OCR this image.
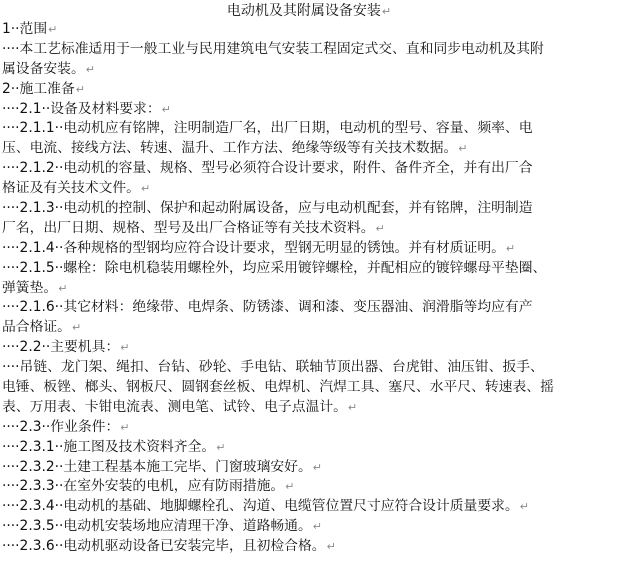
电动机及其附属设备安装↵
1··范围↵
····本工艺标准适用于一般工业与民用建筑电气安装工程固定式交、直和同步电动机及其附
属设备安装。↵
2··施工准备↵
····2.1··设备及材料要求：↵
····2.1.1··电动机应有铭牌，注明制造厂名，出厂日期，电动机的型号、容量、频率、电
压、电流、接线方法、转速、温升、工作方法、绝缘等级等有关技术数据。↵
····2.1.2··电动机的容量、规格、型号必须符合设计要求，附件、备件齐全，并有出厂合
格证及有关技术文件。↵
····2.1.3··电动机的控制、保护和起动附属设备，应与电动机配套，并有铭牌，注明制造
厂名，出厂日期、规格、型号及出厂合格证等有关技术资料。↵
····2.1.4··各种规格的型钢均应符合设计要求，型钢无明显的锈蚀。并有材质证明。↵
····2.1.5··螺栓：除电机稳装用螺栓外，均应采用镀锌螺栓，并配相应的镀锌螺母平垫圈、
弹簧垫。↵
····2.1.6··其它材料：绝缘带、电焊条、防锈漆、调和漆、变压器油、润滑脂等均应有产
品合格证。↵
····2.2··主要机具：↵
····吊链、龙门架、绳扣、台钻、砂轮、手电钻、联轴节顶出器、台虎钳、油压钳、扳手、
电锤、板锉、榔头、钢板尺、圆钢套丝板、电焊机、汽焊工具、塞尺、水平尺、转速表、摇
表、万用表、卡钳电流表、测电笔、试铃、电子点温计。↵
····2.3··作业条件：↵
····2.3.1··施工图及技术资料齐全。↵
····2.3.2··土建工程基本施工完毕、门窗玻璃安好。↵
····2.3.3··在室外安装的电机，应有防雨措施。↵
····2.3.4··电动机的基础、地脚螺栓孔、沟道、电缆管位置尺寸应符合设计质量要求。↵
····2.3.5··电动机安装场地应清理干净、道路畅通。↵
····2.3.6··电动机驱动设备已安装完毕，且初检合格。↵
